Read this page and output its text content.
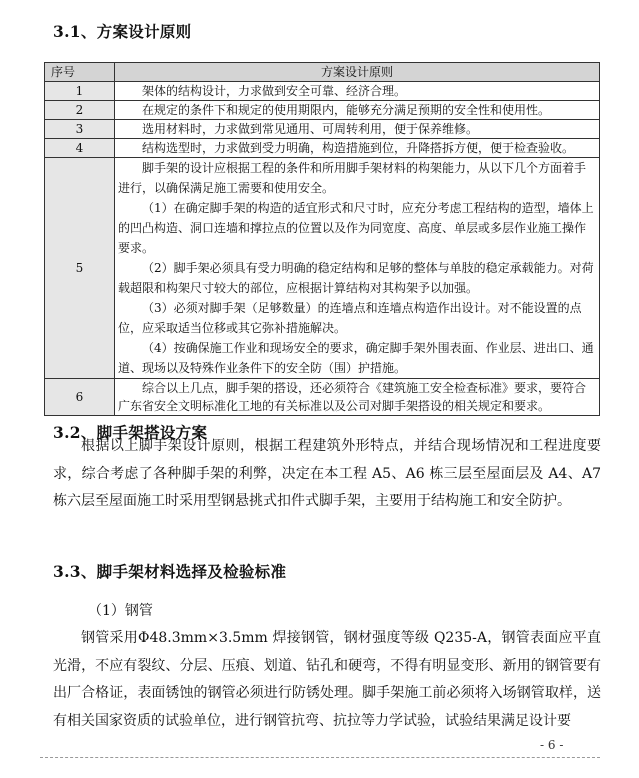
3.1、方案设计原则
序号	方案设计原则
1	架体的结构设计，力求做到安全可靠、经济合理。
2	在规定的条件下和规定的使用期限内，能够充分满足预期的安全性和使用性。
3	选用材料时，力求做到常见通用、可周转利用，便于保养维修。
4	结构选型时，力求做到受力明确，构造措施到位，升降搭拆方便，便于检查验收。
5	脚手架的设计应根据工程的条件和所用脚手架材料的构架能力，从以下几个方面着手进行，以确保满足施工需要和使用安全。

（1）在确定脚手架的构造的适宜形式和尺寸时，应充分考虑工程结构的造型，墙体上的凹凸构造、洞口连墙和撑拉点的位置以及作为同宽度、高度、单层或多层作业施工操作要求。

（2）脚手架必须具有受力明确的稳定结构和足够的整体与单肢的稳定承载能力。对荷载超限和构架尺寸较大的部位，应根据计算结构对其构架予以加强。

（3）必须对脚手架（足够数量）的连墙点和连墙点构造作出设计。对不能设置的点位，应采取适当位移或其它弥补措施解决。

（4）按确保施工作业和现场安全的要求，确定脚手架外围表面、作业层、进出口、通道、现场以及特殊作业条件下的安全防（围）护措施。

6	综合以上几点，脚手架的搭设，还必须符合《建筑施工安全检查标准》要求，要符合广东省安全文明标准化工地的有关标准以及公司对脚手架搭设的相关规定和要求。
3.2、脚手架搭设方案
根据以上脚手架设计原则，根据工程建筑外形特点，并结合现场情况和工程进度要求，综合考虑了各种脚手架的利弊，决定在本工程 A5、A6 栋三层至屋面层及 A4、A7 栋六层至屋面施工时采用型钢悬挑式扣件式脚手架，主要用于结构施工和安全防护。
3.3、脚手架材料选择及检验标准
（1）钢管
钢管采用Φ48.3mm×3.5mm 焊接钢管，钢材强度等级 Q235-A，钢管表面应平直光滑，不应有裂纹、分层、压痕、划道、钻孔和硬弯，不得有明显变形、新用的钢管要有出厂合格证，表面锈蚀的钢管必须进行防锈处理。脚手架施工前必须将入场钢管取样，送有相关国家资质的试验单位，进行钢管抗弯、抗拉等力学试验，试验结果满足设计要
- 6 -
